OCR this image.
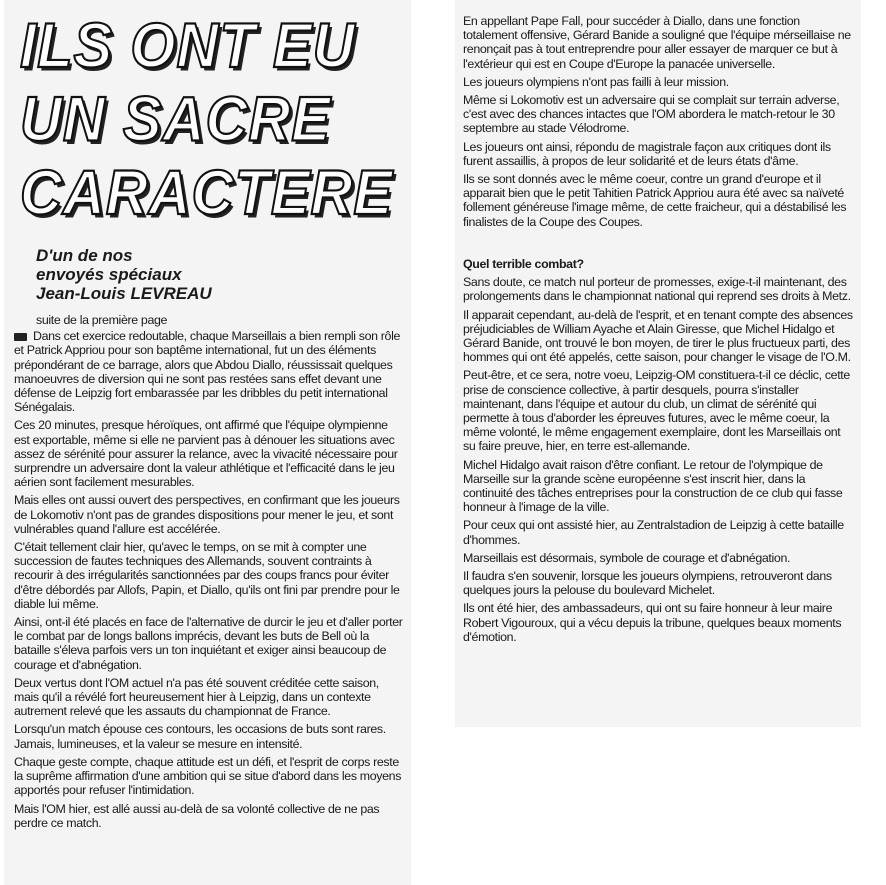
ILS ONT EU
UN SACRE
CARACTERE
D'un de nos
envoyés spéciaux
Jean-Louis LEVREAU
suite de la première page

Dans cet exercice redoutable, chaque Marseillais a bien rempli son rôle et Patrick Appriou pour son baptême international, fut un des éléments prépondérant de ce barrage, alors que Abdou Diallo, réussissait quelques manoeuvres de diversion qui ne sont pas restées sans effet devant une défense de Leipzig fort embarassée par les dribbles du petit international Sénégalais.

Ces 20 minutes, presque héroïques, ont affirmé que l'équipe olympienne est exportable, même si elle ne parvient pas à dénouer les situations avec assez de sérénité pour assurer la relance, avec la vivacité nécessaire pour surprendre un adversaire dont la valeur athlétique et l'efficacité dans le jeu aérien sont facilement mesurables.

Mais elles ont aussi ouvert des perspectives, en confirmant que les joueurs de Lokomotiv n'ont pas de grandes dispositions pour mener le jeu, et sont vulnérables quand l'allure est accélérée.

C'était tellement clair hier, qu'avec le temps, on se mit à compter une succession de fautes techniques des Allemands, souvent contraints à recourir à des irrégularités sanctionnées par des coups francs pour éviter d'être débordés par Allofs, Papin, et Diallo, qu'ils ont fini par prendre pour le diable lui même.

Ainsi, ont-il été placés en face de l'alternative de durcir le jeu et d'aller porter le combat par de longs ballons imprécis, devant les buts de Bell où la bataille s'éleva parfois vers un ton inquiétant et exiger ainsi beaucoup de courage et d'abnégation.

Deux vertus dont l'OM actuel n'a pas été souvent créditée cette saison, mais qu'il a révélé fort heureusement hier à Leipzig, dans un contexte autrement relevé que les assauts du championnat de France.

Lorsqu'un match épouse ces contours, les occasions de buts sont rares. Jamais, lumineuses, et la valeur se mesure en intensité.

Chaque geste compte, chaque attitude est un défi, et l'esprit de corps reste la suprême affirmation d'une ambition qui se situe d'abord dans les moyens apportés pour refuser l'intimidation.

Mais l'OM hier, est allé aussi au-delà de sa volonté collective de ne pas perdre ce match.

En appellant Pape Fall, pour succéder à Diallo, dans une fonction totalement offensive, Gérard Banide a souligné que l'équipe mérseillaise ne renonçait pas à tout entreprendre pour aller essayer de marquer ce but à l'extérieur qui est en Coupe d'Europe la panacée universelle.

Les joueurs olympiens n'ont pas failli à leur mission.

Même si Lokomotiv est un adversaire qui se complait sur terrain adverse, c'est avec des chances intactes que l'OM abordera le match-retour le 30 septembre au stade Vélodrome.

Les joueurs ont ainsi, répondu de magistrale façon aux critiques dont ils furent assaillis, à propos de leur solidarité et de leurs états d'âme.

Ils se sont donnés avec le même coeur, contre un grand d'europe et il apparait bien que le petit Tahitien Patrick Appriou aura été avec sa naïveté follement généreuse l'image même, de cette fraicheur, qui a déstabilisé les finalistes de la Coupe des Coupes.

Quel terrible combat?

Sans doute, ce match nul porteur de promesses, exige-t-il maintenant, des prolongements dans le championnat national qui reprend ses droits à Metz.

Il apparait cependant, au-delà de l'esprit, et en tenant compte des absences préjudiciables de William Ayache et Alain Giresse, que Michel Hidalgo et Gérard Banide, ont trouvé le bon moyen, de tirer le plus fructueux parti, des hommes qui ont été appelés, cette saison, pour changer le visage de l'O.M.

Peut-être, et ce sera, notre voeu, Leipzig-OM constituera-t-il ce déclic, cette prise de conscience collective, à partir desquels, pourra s'installer maintenant, dans l'équipe et autour du club, un climat de sérénité qui permette à tous d'aborder les épreuves futures, avec le même coeur, la même volonté, le même engagement exemplaire, dont les Marseillais ont su faire preuve, hier, en terre est-allemande.

Michel Hidalgo avait raison d'être confiant. Le retour de l'olympique de Marseille sur la grande scène européenne s'est inscrit hier, dans la continuité des tâches entreprises pour la construction de ce club qui fasse honneur à l'image de la ville.

Pour ceux qui ont assisté hier, au Zentralstadion de Leipzig à cette bataille d'hommes.

Marseillais est désormais, symbole de courage et d'abnégation.

Il faudra s'en souvenir, lorsque les joueurs olympiens, retrouveront dans quelques jours la pelouse du boulevard Michelet.

Ils ont été hier, des ambassadeurs, qui ont su faire honneur à leur maire Robert Vigouroux, qui a vécu depuis la tribune, quelques beaux moments d'émotion.
